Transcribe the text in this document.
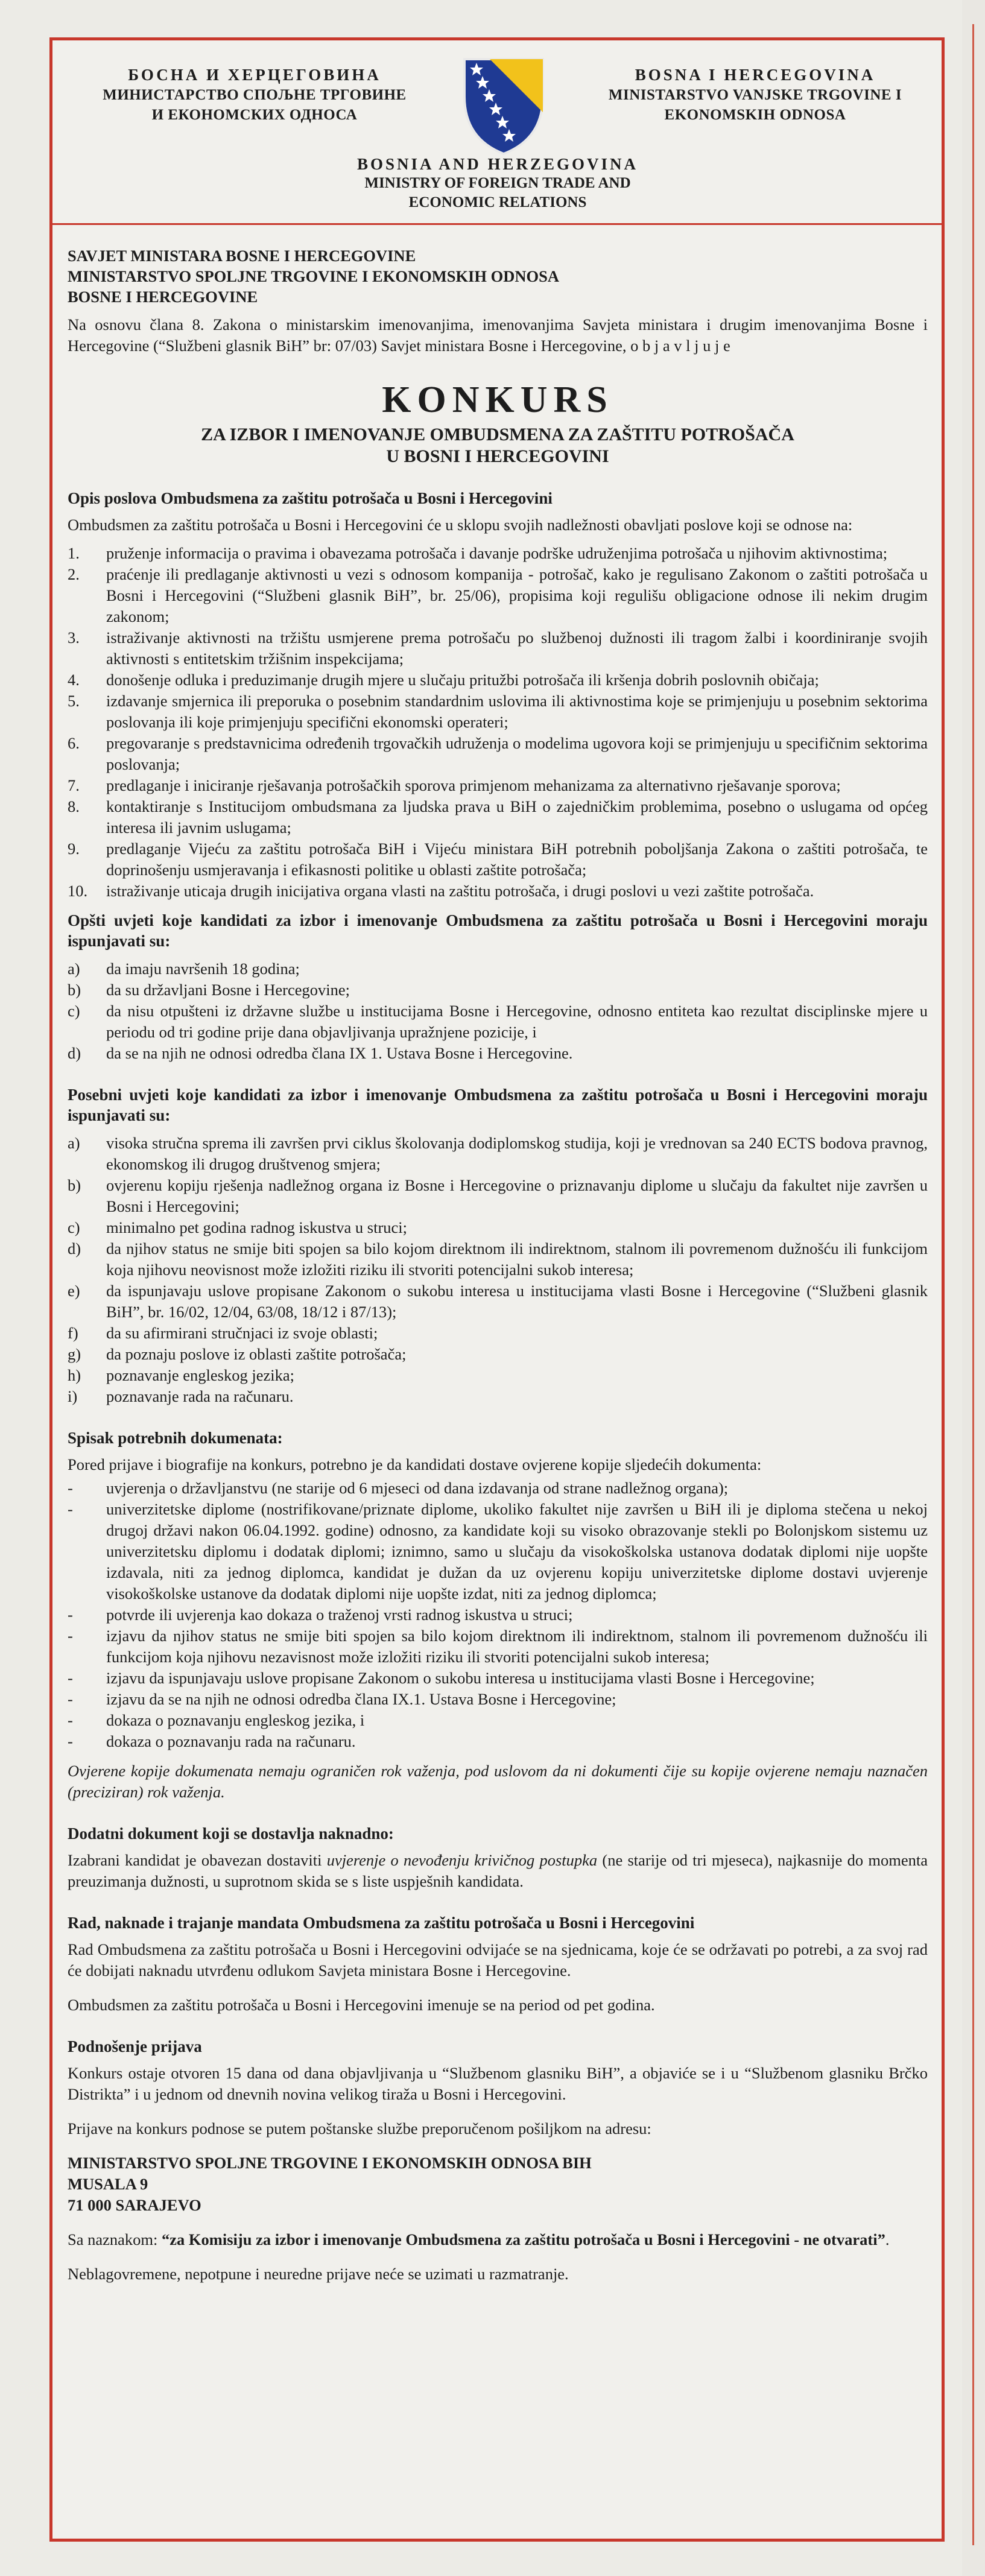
БОСНА И ХЕРЦЕГОВИНА
МИНИСТАРСТВО СПОЉНЕ ТРГОВИНЕ
И ЕКОНОМСКИХ ОДНОСА
BOSNA I HERCEGOVINA
MINISTARSTVO VANJSKE TRGOVINE I
EKONOMSKIH ODNOSA
BOSNIA AND HERZEGOVINA
MINISTRY OF FOREIGN TRADE AND
ECONOMIC RELATIONS
SAVJET MINISTARA BOSNE I HERCEGOVINE
MINISTARSTVO SPOLJNE TRGOVINE I EKONOMSKIH ODNOSA
BOSNE I HERCEGOVINE

Na osnovu člana 8. Zakona o ministarskim imenovanjima, imenovanjima Savjeta ministara i drugim imenovanjima Bosne i Hercegovine (“Službeni glasnik BiH” br: 07/03) Savjet ministara Bosne i Hercegovine, o b j a v l j u j e

KONKURS
ZA IZBOR I IMENOVANJE OMBUDSMENA ZA ZAŠTITU POTROŠAČA
U BOSNI I HERCEGOVINI
Opis poslova Ombudsmena za zaštitu potrošača u Bosni i Hercegovini

Ombudsmen za zaštitu potrošača u Bosni i Hercegovini će u sklopu svojih nadležnosti obavljati poslove koji se odnose na:

1. pruženje informacija o pravima i obavezama potrošača i davanje podrške udruženjima potrošača u njihovim aktivnostima;
2. praćenje ili predlaganje aktivnosti u vezi s odnosom kompanija - potrošač, kako je regulisano Zakonom o zaštiti potrošača u Bosni i Hercegovini (“Službeni glasnik BiH”, br. 25/06), propisima koji regulišu obligacione odnose ili nekim drugim zakonom;
3. istraživanje aktivnosti na tržištu usmjerene prema potrošaču po službenoj dužnosti ili tragom žalbi i koordiniranje svojih aktivnosti s entitetskim tržišnim inspekcijama;
4. donošenje odluka i preduzimanje drugih mjere u slučaju pritužbi potrošača ili kršenja dobrih poslovnih običaja;
5. izdavanje smjernica ili preporuka o posebnim standardnim uslovima ili aktivnostima koje se primjenjuju u posebnim sektorima poslovanja ili koje primjenjuju specifični ekonomski operateri;
6. pregovaranje s predstavnicima određenih trgovačkih udruženja o modelima ugovora koji se primjenjuju u specifičnim sektorima poslovanja;
7. predlaganje i iniciranje rješavanja potrošačkih sporova primjenom mehanizama za alternativno rješavanje sporova;
8. kontaktiranje s Institucijom ombudsmana za ljudska prava u BiH o zajedničkim problemima, posebno o uslugama od općeg interesa ili javnim uslugama;
9. predlaganje Vijeću za zaštitu potrošača BiH i Vijeću ministara BiH potrebnih poboljšanja Zakona o zaštiti potrošača, te doprinošenju usmjeravanja i efikasnosti politike u oblasti zaštite potrošača;
10. istraživanje uticaja drugih inicijativa organa vlasti na zaštitu potrošača, i drugi poslovi u vezi zaštite potrošača.
Opšti uvjeti koje kandidati za izbor i imenovanje Ombudsmena za zaštitu potrošača u Bosni i Hercegovini moraju ispunjavati su:
a) da imaju navršenih 18 godina;
b) da su državljani Bosne i Hercegovine;
c) da nisu otpušteni iz državne službe u institucijama Bosne i Hercegovine, odnosno entiteta kao rezultat disciplinske mjere u periodu od tri godine prije dana objavljivanja upražnjene pozicije, i
d) da se na njih ne odnosi odredba člana IX 1. Ustava Bosne i Hercegovine.
Posebni uvjeti koje kandidati za izbor i imenovanje Ombudsmena za zaštitu potrošača u Bosni i Hercegovini moraju ispunjavati su:
a) visoka stručna sprema ili završen prvi ciklus školovanja dodiplomskog studija, koji je vrednovan sa 240 ECTS bodova pravnog, ekonomskog ili drugog društvenog smjera;
b) ovjerenu kopiju rješenja nadležnog organa iz Bosne i Hercegovine o priznavanju diplome u slučaju da fakultet nije završen u Bosni i Hercegovini;
c) minimalno pet godina radnog iskustva u struci;
d) da njihov status ne smije biti spojen sa bilo kojom direktnom ili indirektnom, stalnom ili povremenom dužnošću ili funkcijom koja njihovu neovisnost može izložiti riziku ili stvoriti potencijalni sukob interesa;
e) da ispunjavaju uslove propisane Zakonom o sukobu interesa u institucijama vlasti Bosne i Hercegovine (“Službeni glasnik BiH”, br. 16/02, 12/04, 63/08, 18/12 i 87/13);
f) da su afirmirani stručnjaci iz svoje oblasti;
g) da poznaju poslove iz oblasti zaštite potrošača;
h) poznavanje engleskog jezika;
i) poznavanje rada na računaru.
Spisak potrebnih dokumenata:

Pored prijave i biografije na konkurs, potrebno je da kandidati dostave ovjerene kopije sljedećih dokumenta:

- uvjerenja o državljanstvu (ne starije od 6 mjeseci od dana izdavanja od strane nadležnog organa);
- univerzitetske diplome (nostrifikovane/priznate diplome, ukoliko fakultet nije završen u BiH ili je diploma stečena u nekoj drugoj državi nakon 06.04.1992. godine) odnosno, za kandidate koji su visoko obrazovanje stekli po Bolonjskom sistemu uz univerzitetsku diplomu i dodatak diplomi; iznimno, samo u slučaju da visokoškolska ustanova dodatak diplomi nije uopšte izdavala, niti za jednog diplomca, kandidat je dužan da uz ovjerenu kopiju univerzitetske diplome dostavi uvjerenje visokoškolske ustanove da dodatak diplomi nije uopšte izdat, niti za jednog diplomca;
- potvrde ili uvjerenja kao dokaza o traženoj vrsti radnog iskustva u struci;
- izjavu da njihov status ne smije biti spojen sa bilo kojom direktnom ili indirektnom, stalnom ili povremenom dužnošću ili funkcijom koja njihovu nezavisnost može izložiti riziku ili stvoriti potencijalni sukob interesa;
- izjavu da ispunjavaju uslove propisane Zakonom o sukobu interesa u institucijama vlasti Bosne i Hercegovine;
- izjavu da se na njih ne odnosi odredba člana IX.1. Ustava Bosne i Hercegovine;
- dokaza o poznavanju engleskog jezika, i
- dokaza o poznavanju rada na računaru.

Ovjerene kopije dokumenata nemaju ograničen rok važenja, pod uslovom da ni dokumenti čije su kopije ovjerene nemaju naznačen (preciziran) rok važenja.

Dodatni dokument koji se dostavlja naknadno:

Izabrani kandidat je obavezan dostaviti uvjerenje o nevođenju krivičnog postupka (ne starije od tri mjeseca), najkasnije do momenta preuzimanja dužnosti, u suprotnom skida se s liste uspješnih kandidata.

Rad, naknade i trajanje mandata Ombudsmena za zaštitu potrošača u Bosni i Hercegovini

Rad Ombudsmena za zaštitu potrošača u Bosni i Hercegovini odvijaće se na sjednicama, koje će se održavati po potrebi, a za svoj rad će dobijati naknadu utvrđenu odlukom Savjeta ministara Bosne i Hercegovine.

Ombudsmen za zaštitu potrošača u Bosni i Hercegovini imenuje se na period od pet godina.

Podnošenje prijava

Konkurs ostaje otvoren 15 dana od dana objavljivanja u “Službenom glasniku BiH”, a objaviće se i u “Službenom glasniku Brčko Distrikta” i u jednom od dnevnih novina velikog tiraža u Bosni i Hercegovini.

Prijave na konkurs podnose se putem poštanske službe preporučenom pošiljkom na adresu:

MINISTARSTVO SPOLJNE TRGOVINE I EKONOMSKIH ODNOSA BIH
MUSALA 9
71 000 SARAJEVO

Sa naznakom: “za Komisiju za izbor i imenovanje Ombudsmena za zaštitu potrošača u Bosni i Hercegovini - ne otvarati”.

Neblagovremene, nepotpune i neuredne prijave neće se uzimati u razmatranje.
